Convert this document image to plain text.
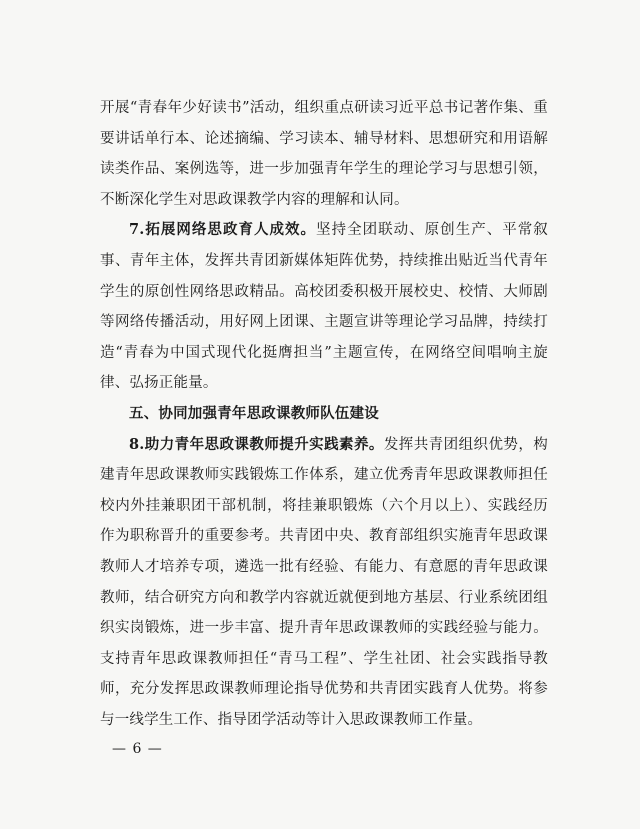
开展“青春年少好读书”活动，组织重点研读习近平总书记著作集、重要讲话单行本、论述摘编、学习读本、辅导材料、思想研究和用语解读类作品、案例选等，进一步加强青年学生的理论学习与思想引领，不断深化学生对思政课教学内容的理解和认同。

7.拓展网络思政育人成效。坚持全团联动、原创生产、平常叙事、青年主体，发挥共青团新媒体矩阵优势，持续推出贴近当代青年学生的原创性网络思政精品。高校团委积极开展校史、校情、大师剧等网络传播活动，用好网上团课、主题宣讲等理论学习品牌，持续打造“青春为中国式现代化挺膺担当”主题宣传，在网络空间唱响主旋律、弘扬正能量。

五、协同加强青年思政课教师队伍建设

8.助力青年思政课教师提升实践素养。发挥共青团组织优势，构建青年思政课教师实践锻炼工作体系，建立优秀青年思政课教师担任校内外挂兼职团干部机制，将挂兼职锻炼（六个月以上）、实践经历作为职称晋升的重要参考。共青团中央、教育部组织实施青年思政课教师人才培养专项，遴选一批有经验、有能力、有意愿的青年思政课教师，结合研究方向和教学内容就近就便到地方基层、行业系统团组织实岗锻炼，进一步丰富、提升青年思政课教师的实践经验与能力。支持青年思政课教师担任“青马工程”、学生社团、社会实践指导教师，充分发挥思政课教师理论指导优势和共青团实践育人优势。将参与一线学生工作、指导团学活动等计入思政课教师工作量。

— 6 —
